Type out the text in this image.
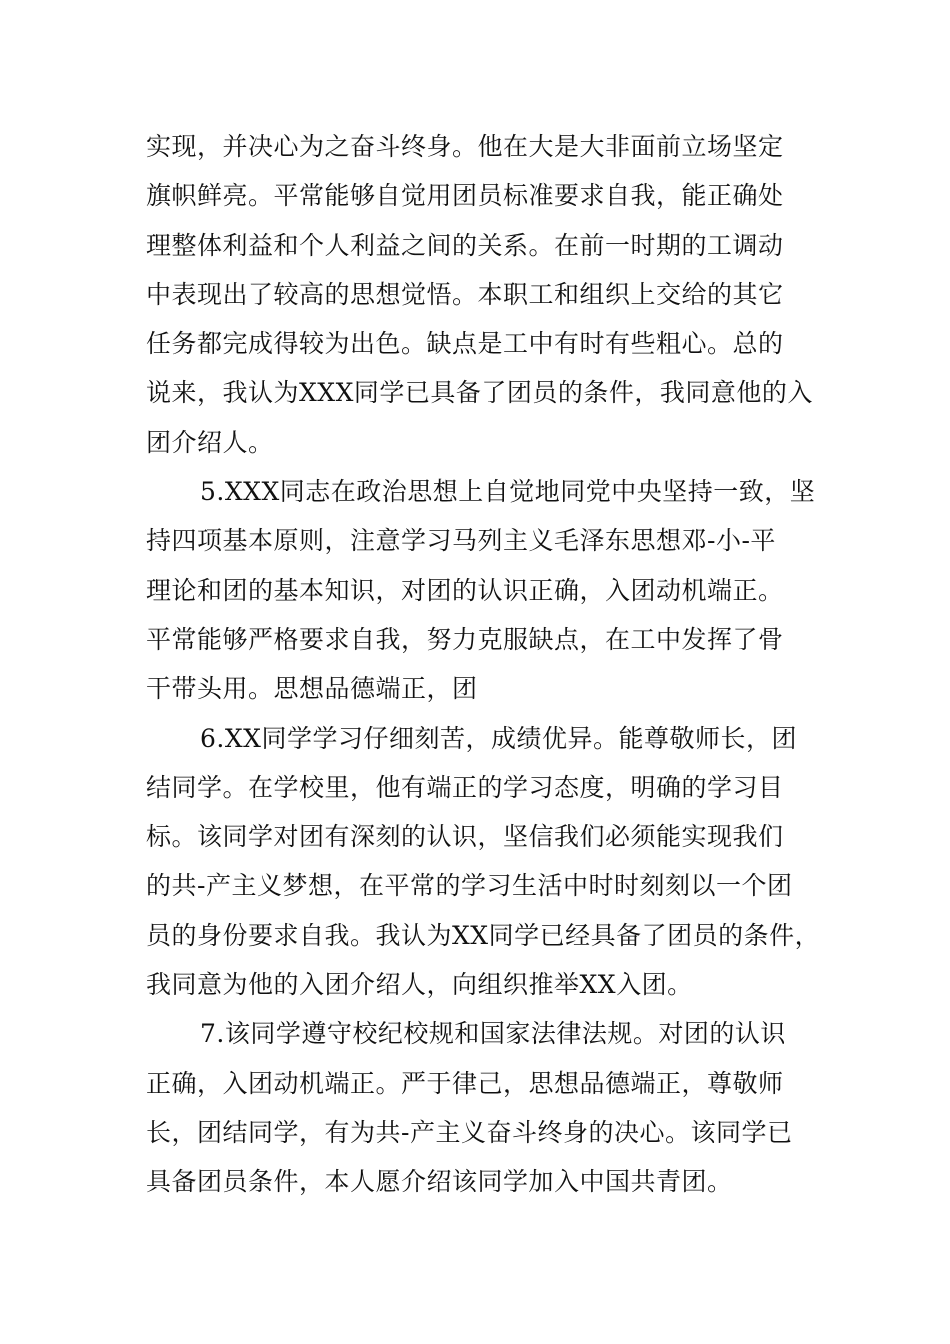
实现，并决心为之奋斗终身。他在大是大非面前立场坚定
旗帜鲜亮。平常能够自觉用团员标准要求自我，能正确处
理整体利益和个人利益之间的关系。在前一时期的工调动
中表现出了较高的思想觉悟。本职工和组织上交给的其它
任务都完成得较为出色。缺点是工中有时有些粗心。总的
说来，我认为XXX同学已具备了团员的条件，我同意他的入
团介绍人。
5.XXX同志在政治思想上自觉地同党中央坚持一致，坚
持四项基本原则，注意学习马列主义毛泽东思想邓-小-平
理论和团的基本知识，对团的认识正确，入团动机端正。
平常能够严格要求自我，努力克服缺点，在工中发挥了骨
干带头用。思想品德端正，团
6.XX同学学习仔细刻苦，成绩优异。能尊敬师长，团
结同学。在学校里，他有端正的学习态度，明确的学习目
标。该同学对团有深刻的认识，坚信我们必须能实现我们
的共-产主义梦想，在平常的学习生活中时时刻刻以一个团
员的身份要求自我。我认为XX同学已经具备了团员的条件，
我同意为他的入团介绍人，向组织推举XX入团。
7.该同学遵守校纪校规和国家法律法规。对团的认识
正确，入团动机端正。严于律己，思想品德端正，尊敬师
长，团结同学，有为共-产主义奋斗终身的决心。该同学已
具备团员条件，本人愿介绍该同学加入中国共青团。
